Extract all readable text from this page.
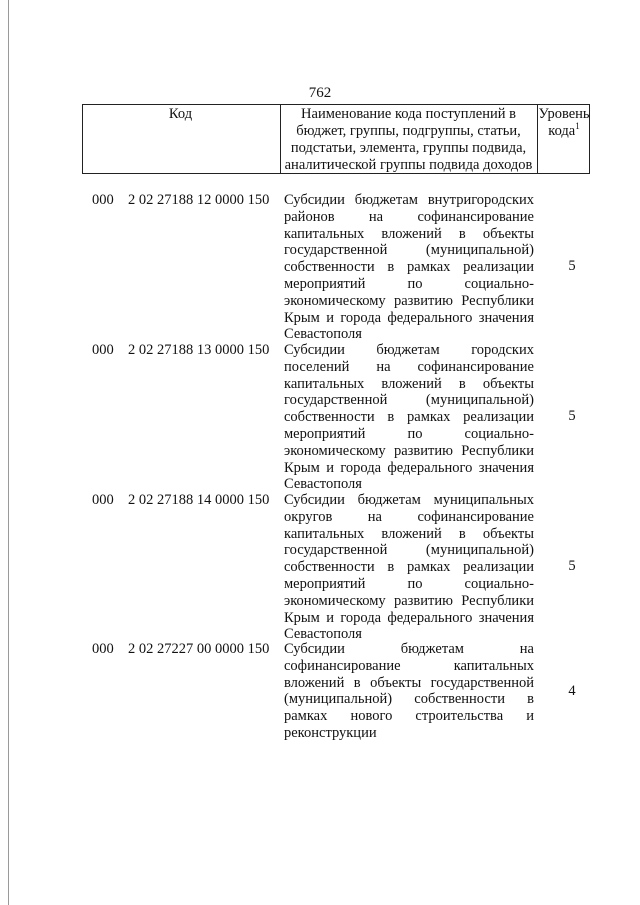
762
Код	Наименование кода поступлений в бюджет, группы, подгруппы, статьи, подстатьи, элемента, группы подвида, аналитической группы подвида доходов
Уровень кода$^1$
000 2 02 27188 12 0000 150 Субсидии бюджетам внутригородских районов на софинансирование капитальных вложений в объекты государственной (муниципальной) собственности в рамках реализации мероприятий по социально-экономическому развитию Республики Крым и города федерального значения Севастополя
5
000 2 02 27188 13 0000 150 Субсидии бюджетам городских поселений на софинансирование капитальных вложений в объекты государственной (муниципальной) собственности в рамках реализации мероприятий по социально-экономическому развитию Республики Крым и города федерального значения Севастополя
5
000 2 02 27188 14 0000 150 Субсидии бюджетам муниципальных округов на софинансирование капитальных вложений в объекты государственной (муниципальной) собственности в рамках реализации мероприятий по социально-экономическому развитию Республики Крым и города федерального значения Севастополя
5
000 2 02 27227 00 0000 150 Субсидии бюджетам на софинансирование капитальных вложений в объекты государственной (муниципальной) собственности в рамках нового строительства и реконструкции
4
